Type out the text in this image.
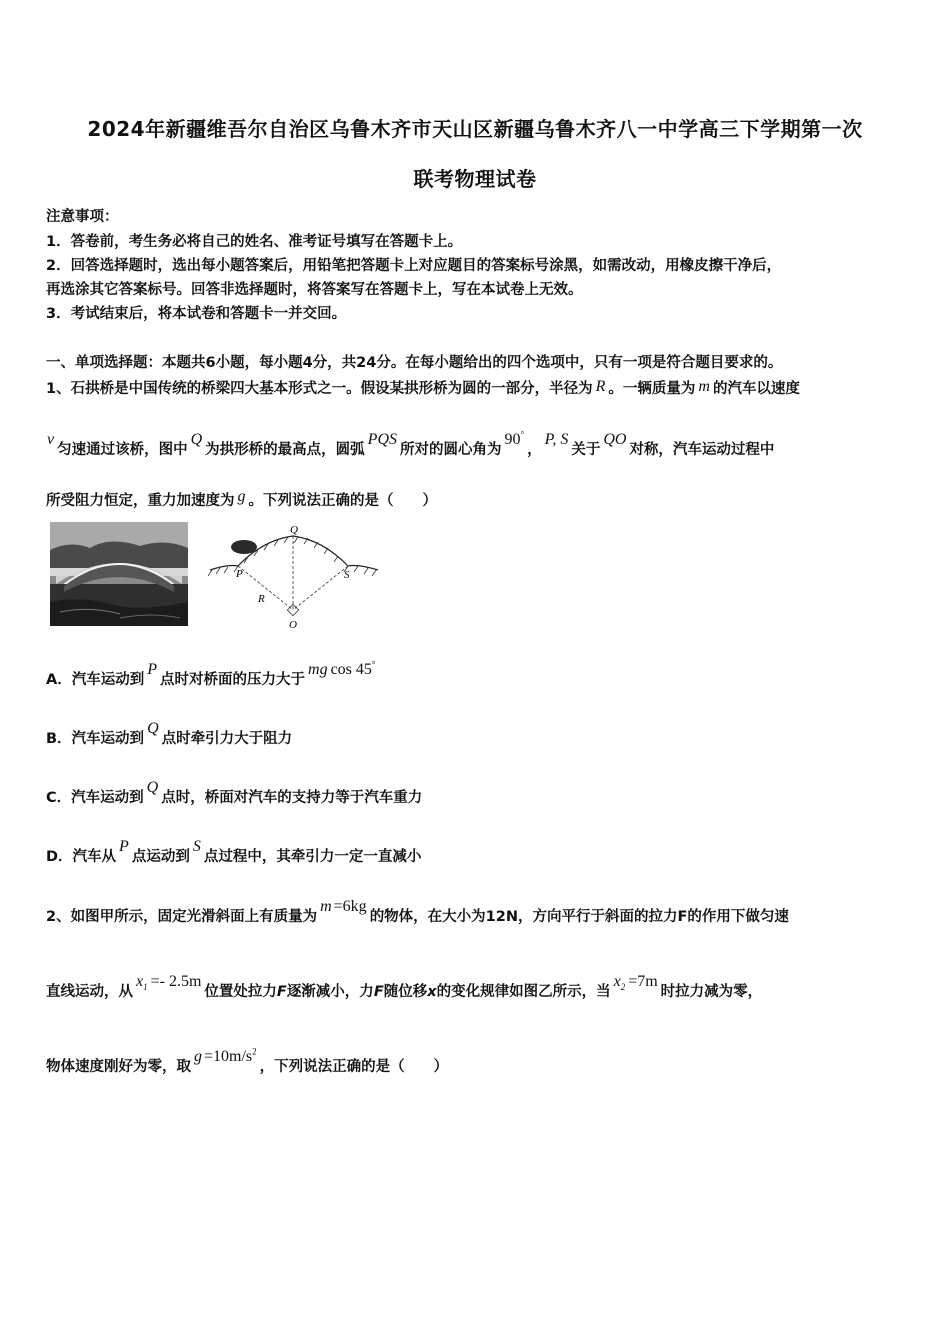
2024年新疆维吾尔自治区乌鲁木齐市天山区新疆乌鲁木齐八一中学高三下学期第一次
联考物理试卷
注意事项：
1．答卷前，考生务必将自己的姓名、准考证号填写在答题卡上。
2．回答选择题时，选出每小题答案后，用铅笔把答题卡上对应题目的答案标号涂黑，如需改动，用橡皮擦干净后，
再选涂其它答案标号。回答非选择题时，将答案写在答题卡上，写在本试卷上无效。
3．考试结束后，将本试卷和答题卡一并交回。
一、单项选择题：本题共6小题，每小题4分，共24分。在每小题给出的四个选项中，只有一项是符合题目要求的。
1、石拱桥是中国传统的桥梁四大基本形式之一。假设某拱形桥为圆的一部分，半径为 R 。一辆质量为 m 的汽车以速度
v匀速通过该桥，图中Q为拱形桥的最高点，圆弧PQS所对的圆心角为90°，P, S关于QO对称，汽车运动过程中
所受阻力恒定，重力加速度为 g 。下列说法正确的是（　　）
Q
P	S
R
O
A．汽车运动到P点时对桥面的压力大于mg cos 45°
B．汽车运动到Q点时牵引力大于阻力
C．汽车运动到Q点时，桥面对汽车的支持力等于汽车重力
D．汽车从P点运动到S点过程中，其牵引力一定一直减小
2、如图甲所示，固定光滑斜面上有质量为m =6kg的物体，在大小为12N，方向平行于斜面的拉力F的作用下做匀速
直线运动，从$x_1 =- 2.5m$位置处拉力F逐渐减小，力F随位移x的变化规律如图乙所示，当$x_2 =7m$时拉力减为零，
物体速度刚好为零，取$g =10m/s^2$，下列说法正确的是（　　）
